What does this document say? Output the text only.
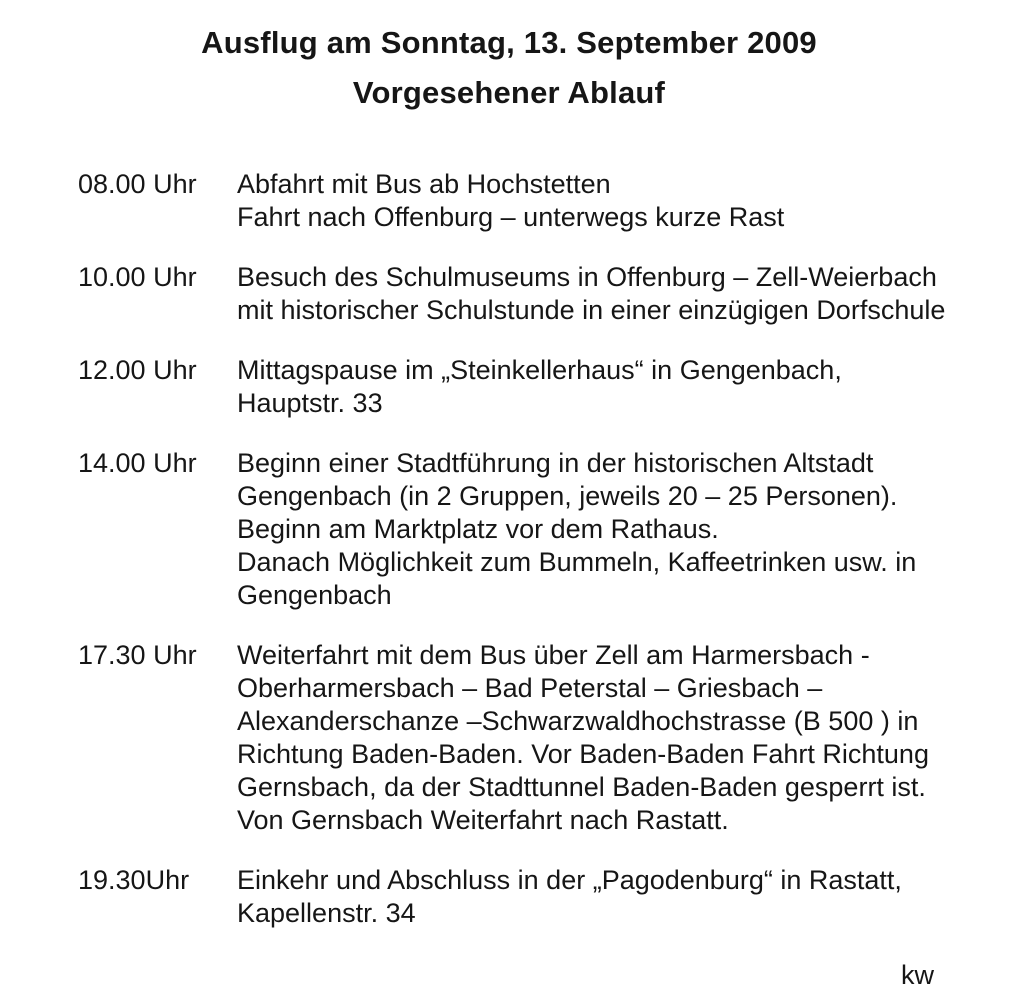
Ausflug am Sonntag, 13. September 2009
Vorgesehener Ablauf
08.00 Uhr	Abfahrt mit Bus ab Hochstetten
Fahrt nach Offenburg – unterwegs kurze Rast
10.00 Uhr	Besuch des Schulmuseums in Offenburg – Zell-Weierbach
mit historischer Schulstunde in einer einzügigen Dorfschule
12.00 Uhr	Mittagspause im „Steinkellerhaus“ in Gengenbach,
Hauptstr. 33
14.00 Uhr	Beginn einer Stadtführung in der historischen Altstadt
Gengenbach (in 2 Gruppen, jeweils 20 – 25 Personen).
Beginn am Marktplatz vor dem Rathaus.
Danach Möglichkeit zum Bummeln, Kaffeetrinken usw. in
Gengenbach
17.30 Uhr	Weiterfahrt mit dem Bus über Zell am Harmersbach -
Oberharmersbach – Bad Peterstal – Griesbach –
Alexanderschanze –Schwarzwaldhochstrasse (B 500 ) in
Richtung Baden-Baden. Vor Baden-Baden Fahrt Richtung
Gernsbach, da der Stadttunnel Baden-Baden gesperrt ist.
Von Gernsbach Weiterfahrt nach Rastatt.
19.30Uhr	Einkehr und Abschluss in der „Pagodenburg“ in Rastatt,
Kapellenstr. 34
kw
